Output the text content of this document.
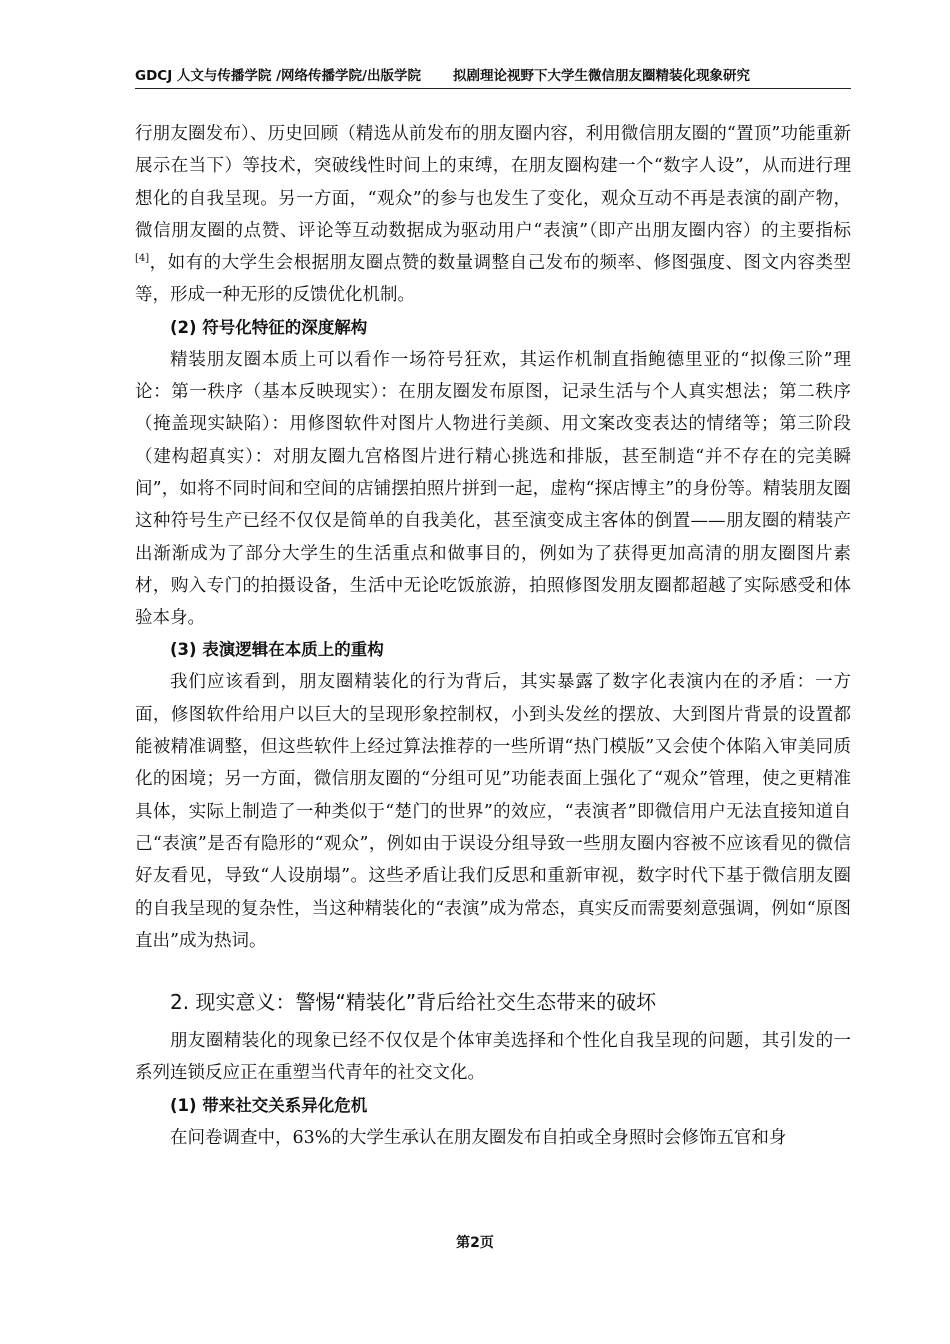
GDCJ 人文与传播学院 /网络传播学院/出版学院 拟剧理论视野下大学生微信朋友圈精装化现象研究

行朋友圈发布）、历史回顾（精选从前发布的朋友圈内容，利用微信朋友圈的“置顶”功能重新展示在当下）等技术，突破线性时间上的束缚，在朋友圈构建一个“数字人设”，从而进行理想化的自我呈现。另一方面，“观众”的参与也发生了变化，观众互动不再是表演的副产物，微信朋友圈的点赞、评论等互动数据成为驱动用户“表演”（即产出朋友圈内容）的主要指标[4]，如有的大学生会根据朋友圈点赞的数量调整自己发布的频率、修图强度、图文内容类型等，形成一种无形的反馈优化机制。

(2) 符号化特征的深度解构

精装朋友圈本质上可以看作一场符号狂欢，其运作机制直指鲍德里亚的“拟像三阶”理论：第一秩序（基本反映现实）：在朋友圈发布原图，记录生活与个人真实想法；第二秩序（掩盖现实缺陷）：用修图软件对图片人物进行美颜、用文案改变表达的情绪等；第三阶段（建构超真实）：对朋友圈九宫格图片进行精心挑选和排版，甚至制造“并不存在的完美瞬间”，如将不同时间和空间的店铺摆拍照片拼到一起，虚构“探店博主”的身份等。精装朋友圈这种符号生产已经不仅仅是简单的自我美化，甚至演变成主客体的倒置——朋友圈的精装产出渐渐成为了部分大学生的生活重点和做事目的，例如为了获得更加高清的朋友圈图片素材，购入专门的拍摄设备，生活中无论吃饭旅游，拍照修图发朋友圈都超越了实际感受和体验本身。

(3) 表演逻辑在本质上的重构

我们应该看到，朋友圈精装化的行为背后，其实暴露了数字化表演内在的矛盾：一方面，修图软件给用户以巨大的呈现形象控制权，小到头发丝的摆放、大到图片背景的设置都能被精准调整，但这些软件上经过算法推荐的一些所谓“热门模版”又会使个体陷入审美同质化的困境；另一方面，微信朋友圈的“分组可见”功能表面上强化了“观众”管理，使之更精准具体，实际上制造了一种类似于“楚门的世界”的效应，“表演者”即微信用户无法直接知道自己“表演”是否有隐形的“观众”，例如由于误设分组导致一些朋友圈内容被不应该看见的微信好友看见，导致“人设崩塌”。这些矛盾让我们反思和重新审视，数字时代下基于微信朋友圈的自我呈现的复杂性，当这种精装化的“表演”成为常态，真实反而需要刻意强调，例如“原图直出”成为热词。

2. 现实意义：警惕“精装化”背后给社交生态带来的破坏

朋友圈精装化的现象已经不仅仅是个体审美选择和个性化自我呈现的问题，其引发的一系列连锁反应正在重塑当代青年的社交文化。

(1) 带来社交关系异化危机

在问卷调查中，63%的大学生承认在朋友圈发布自拍或全身照时会修饰五官和身

第2页
